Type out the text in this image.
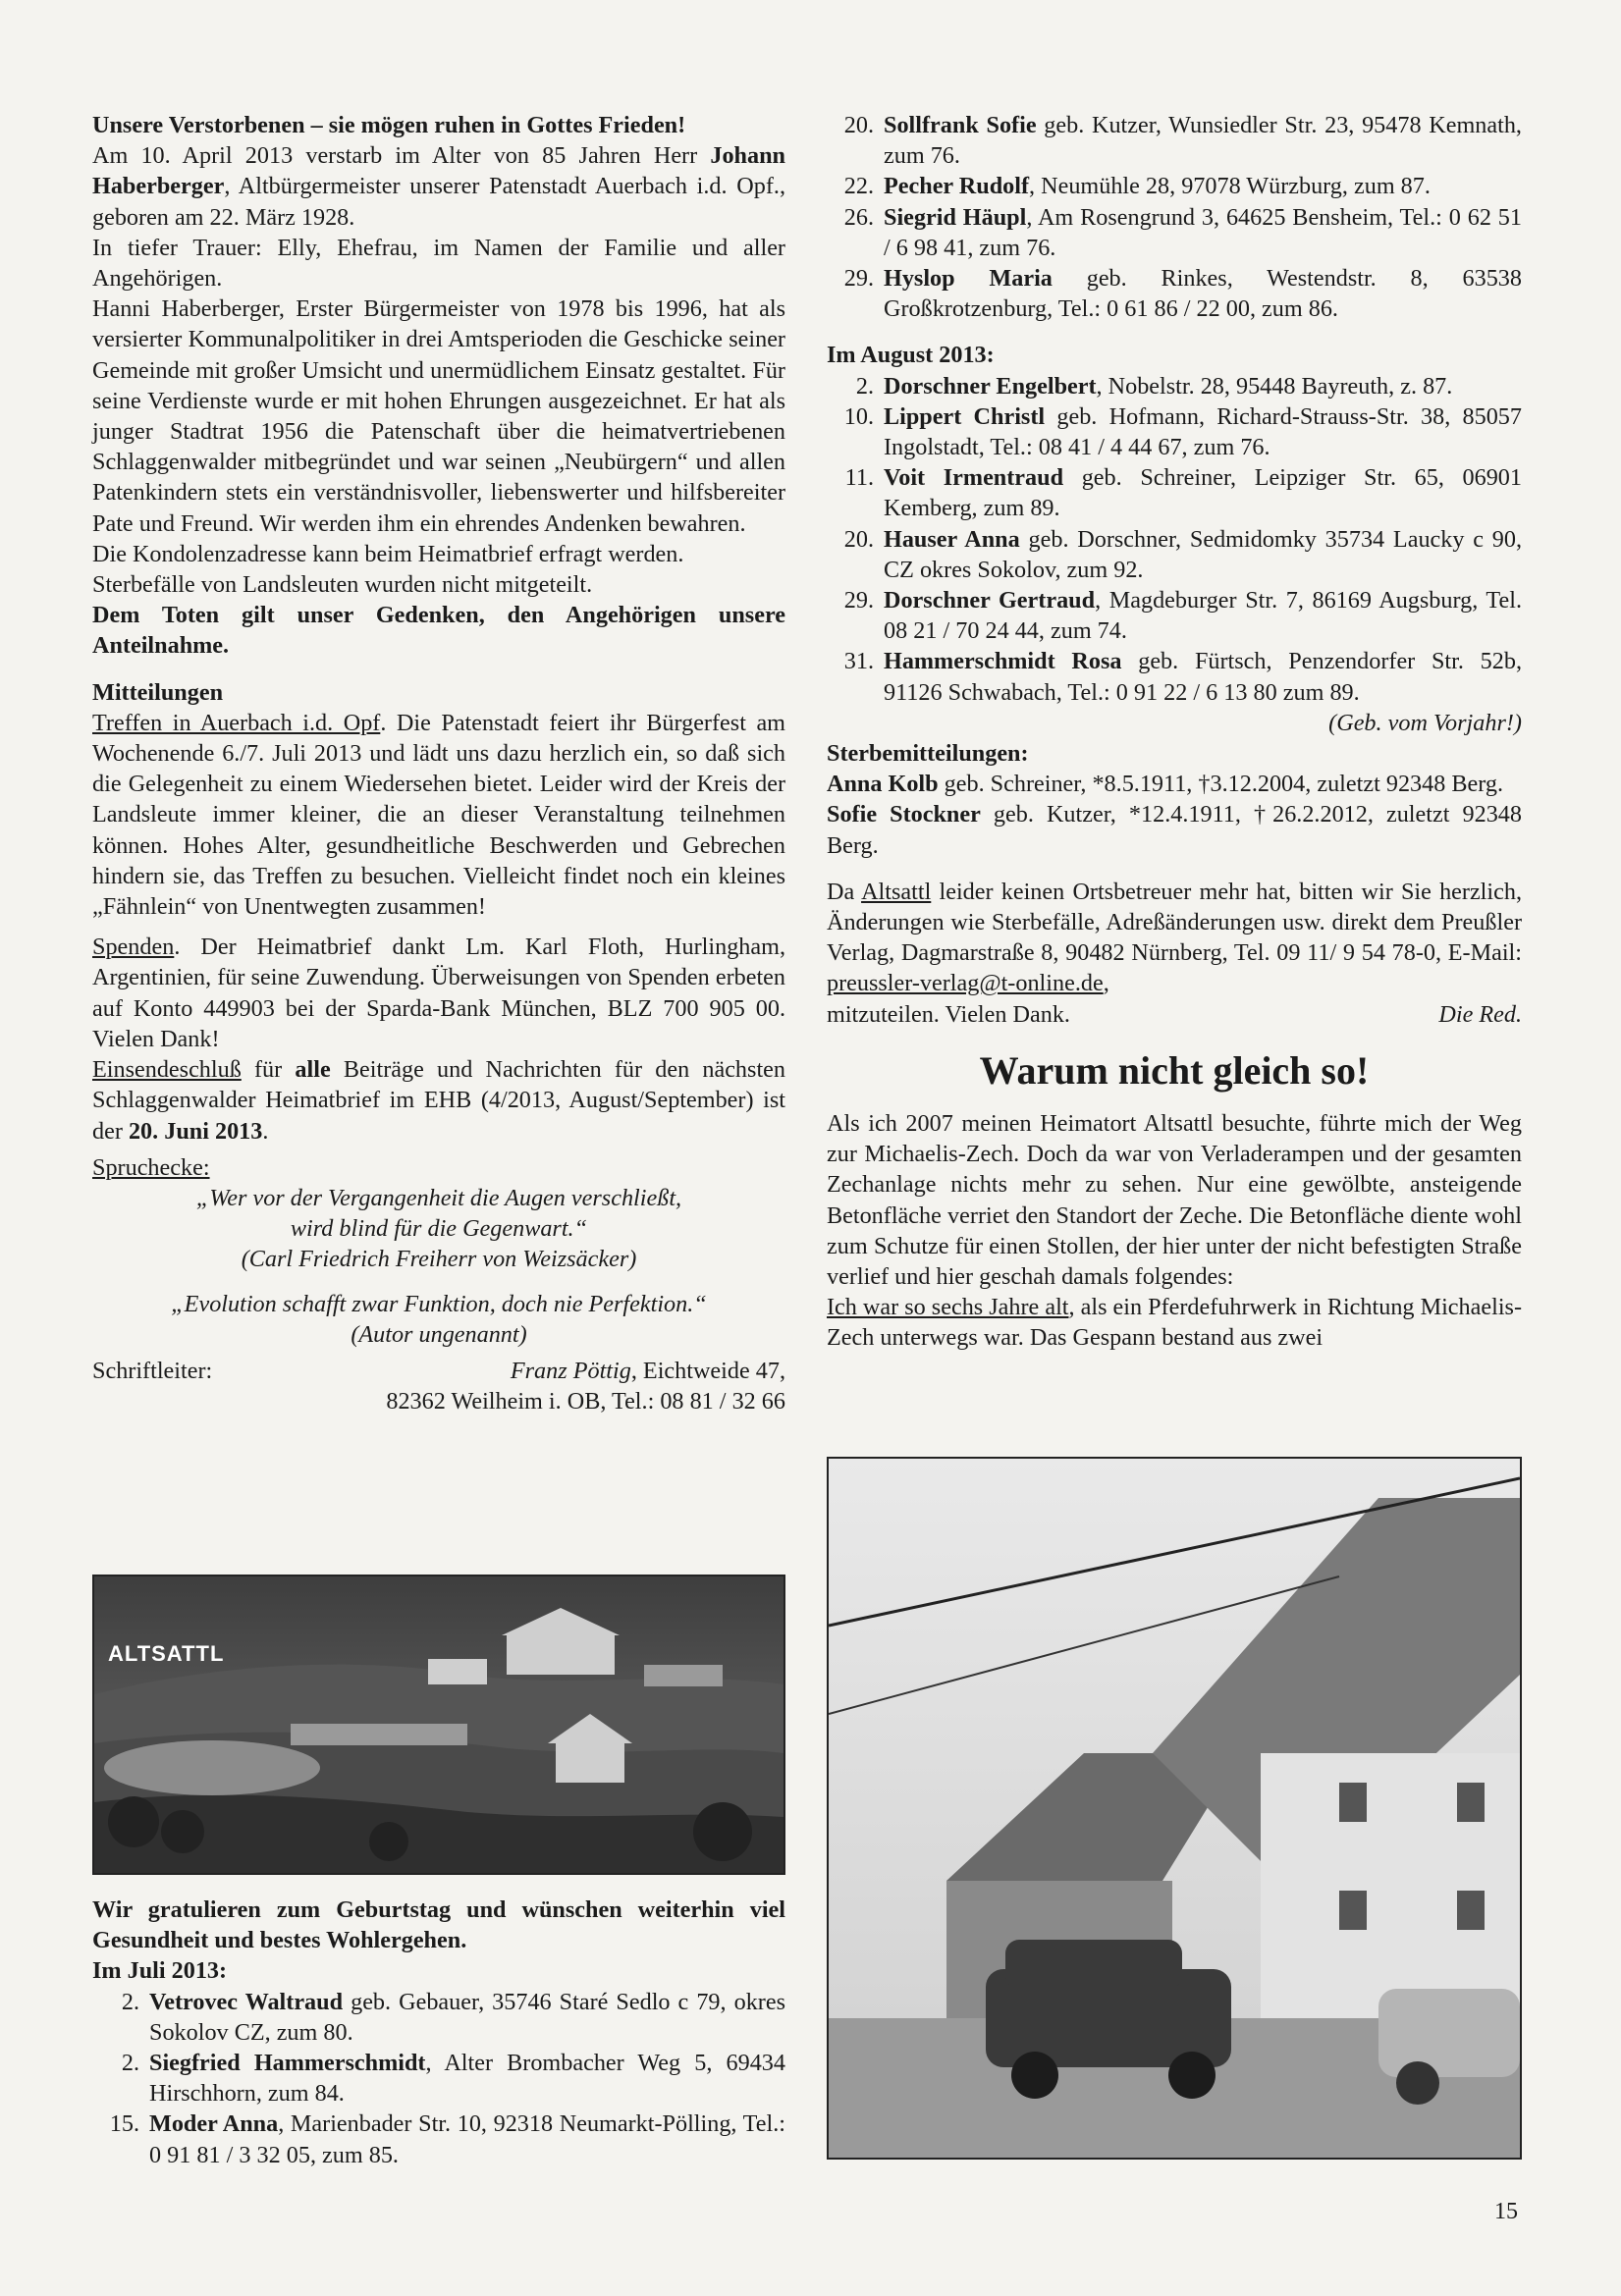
Unsere Verstorbenen – sie mögen ruhen in Gottes Frieden!

Am 10. April 2013 verstarb im Alter von 85 Jahren Herr Johann Haberberger, Altbürgermeister unserer Patenstadt Auerbach i.d. Opf., geboren am 22. März 1928.

In tiefer Trauer: Elly, Ehefrau, im Namen der Familie und aller Angehörigen.

Hanni Haberberger, Erster Bürgermeister von 1978 bis 1996, hat als versierter Kommunalpolitiker in drei Amtsperioden die Geschicke seiner Gemeinde mit großer Umsicht und unermüdlichem Einsatz gestaltet. Für seine Verdienste wurde er mit hohen Ehrungen ausgezeichnet. Er hat als junger Stadtrat 1956 die Patenschaft über die heimatvertriebenen Schlaggenwalder mitbegründet und war seinen „Neubürgern“ und allen Patenkindern stets ein verständnisvoller, liebenswerter und hilfsbereiter Pate und Freund. Wir werden ihm ein ehrendes Andenken bewahren.

Die Kondolenzadresse kann beim Heimatbrief erfragt werden.

Sterbefälle von Landsleuten wurden nicht mitgeteilt.

Dem Toten gilt unser Gedenken, den Angehörigen unsere Anteilnahme.

Mitteilungen

Treffen in Auerbach i.d. Opf. Die Patenstadt feiert ihr Bürgerfest am Wochenende 6./7. Juli 2013 und lädt uns dazu herzlich ein, so daß sich die Gelegenheit zu einem Wiedersehen bietet. Leider wird der Kreis der Landsleute immer kleiner, die an dieser Veranstaltung teilnehmen können. Hohes Alter, gesundheitliche Beschwerden und Gebrechen hindern sie, das Treffen zu besuchen. Vielleicht findet noch ein kleines „Fähnlein“ von Unentwegten zusammen!

Spenden. Der Heimatbrief dankt Lm. Karl Floth, Hurlingham, Argentinien, für seine Zuwendung. Überweisungen von Spenden erbeten auf Konto 449903 bei der Sparda-Bank München, BLZ 700 905 00. Vielen Dank!

Einsendeschluß für alle Beiträge und Nachrichten für den nächsten Schlaggenwalder Heimatbrief im EHB (4/2013, August/September) ist der 20. Juni 2013.

Spruchecke:

„Wer vor der Vergangenheit die Augen verschließt,

wird blind für die Gegenwart.“

(Carl Friedrich Freiherr von Weizsäcker)

„Evolution schafft zwar Funktion, doch nie Perfektion.“

(Autor ungenannt)

Schriftleiter:	Franz Pöttig, Eichtweide 47,

82362 Weilheim i. OB, Tel.: 08 81 / 32 66

ALTSATTL

Wir gratulieren zum Geburtstag und wünschen weiterhin viel Gesundheit und bestes Wohlergehen.

Im Juli 2013:

2. Vetrovec Waltraud geb. Gebauer, 35746 Staré Sedlo c 79, okres Sokolov CZ, zum 80.
2. Siegfried Hammerschmidt, Alter Brombacher Weg 5, 69434 Hirschhorn, zum 84.
15. Moder Anna, Marienbader Str. 10, 92318 Neumarkt-Pölling, Tel.: 0 91 81 / 3 32 05, zum 85.
20. Sollfrank Sofie geb. Kutzer, Wunsiedler Str. 23, 95478 Kemnath, zum 76.
22. Pecher Rudolf, Neumühle 28, 97078 Würzburg, zum 87.
26. Siegrid Häupl, Am Rosengrund 3, 64625 Bensheim, Tel.: 0 62 51 / 6 98 41, zum 76.
29. Hyslop Maria geb. Rinkes, Westendstr. 8, 63538 Großkrotzenburg, Tel.: 0 61 86 / 22 00, zum 86.

Im August 2013:

2. Dorschner Engelbert, Nobelstr. 28, 95448 Bayreuth, z. 87.
10. Lippert Christl geb. Hofmann, Richard-Strauss-Str. 38, 85057 Ingolstadt, Tel.: 08 41 / 4 44 67, zum 76.
11. Voit Irmentraud geb. Schreiner, Leipziger Str. 65, 06901 Kemberg, zum 89.
20. Hauser Anna geb. Dorschner, Sedmidomky 35734 Laucky c 90, CZ okres Sokolov, zum 92.
29. Dorschner Gertraud, Magdeburger Str. 7, 86169 Augsburg, Tel. 08 21 / 70 24 44, zum 74.
31. Hammerschmidt Rosa geb. Fürtsch, Penzendorfer Str. 52b, 91126 Schwabach, Tel.: 0 91 22 / 6 13 80 zum 89.

(Geb. vom Vorjahr!)

Sterbemitteilungen:

Anna Kolb geb. Schreiner, *8.5.1911, †3.12.2004, zuletzt 92348 Berg.

Sofie Stockner geb. Kutzer, *12.4.1911, †26.2.2012, zuletzt 92348 Berg.

Da Altsattl leider keinen Ortsbetreuer mehr hat, bitten wir Sie herzlich, Änderungen wie Sterbefälle, Adreßänderungen usw. direkt dem Preußler Verlag, Dagmarstraße 8, 90482 Nürnberg, Tel. 09 11/ 9 54 78-0, E-Mail: preussler-verlag@t-online.de,

mitzuteilen. Vielen Dank.	Die Red.
Warum nicht gleich so!

Als ich 2007 meinen Heimatort Altsattl besuchte, führte mich der Weg zur Michaelis-Zech. Doch da war von Verladerampen und der gesamten Zechanlage nichts mehr zu sehen. Nur eine gewölbte, ansteigende Betonfläche verriet den Standort der Zeche. Die Betonfläche diente wohl zum Schutze für einen Stollen, der hier unter der nicht befestigten Straße verlief und hier geschah damals folgendes:

Ich war so sechs Jahre alt, als ein Pferdefuhrwerk in Richtung Michaelis-Zech unterwegs war. Das Gespann bestand aus zwei

15
